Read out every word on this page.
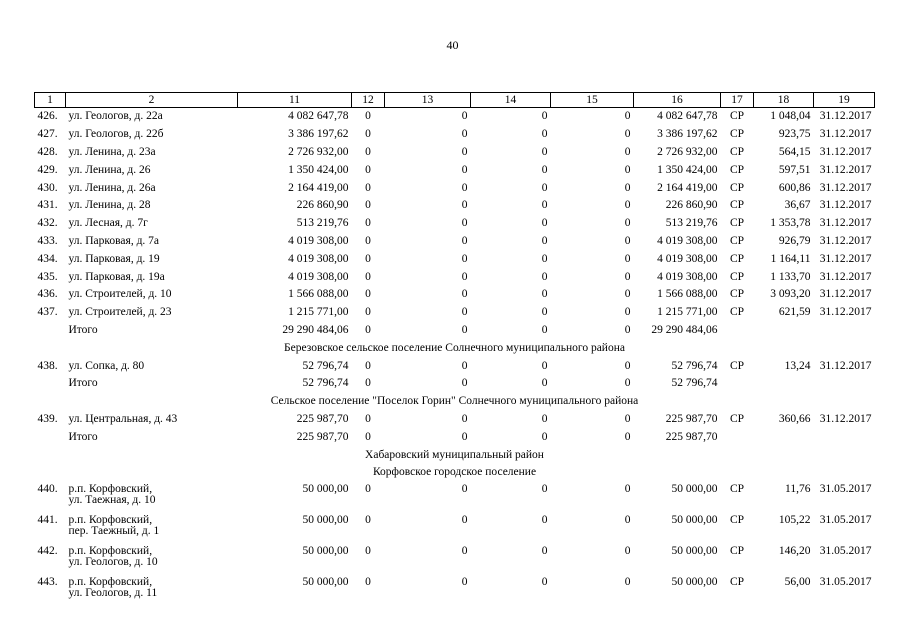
40
1	2	11	12	13	14	15	16	17	18	19
426.	ул. Геологов, д. 22а	4 082 647,78	0	0	0	0	4 082 647,78	СР	1 048,04	31.12.2017
427.	ул. Геологов, д. 22б	3 386 197,62	0	0	0	0	3 386 197,62	СР	923,75	31.12.2017
428.	ул. Ленина, д. 23а	2 726 932,00	0	0	0	0	2 726 932,00	СР	564,15	31.12.2017
429.	ул. Ленина, д. 26	1 350 424,00	0	0	0	0	1 350 424,00	СР	597,51	31.12.2017
430.	ул. Ленина, д. 26а	2 164 419,00	0	0	0	0	2 164 419,00	СР	600,86	31.12.2017
431.	ул. Ленина, д. 28	226 860,90	0	0	0	0	226 860,90	СР	36,67	31.12.2017
432.	ул. Лесная, д. 7г	513 219,76	0	0	0	0	513 219,76	СР	1 353,78	31.12.2017
433.	ул. Парковая, д. 7а	4 019 308,00	0	0	0	0	4 019 308,00	СР	926,79	31.12.2017
434.	ул. Парковая, д. 19	4 019 308,00	0	0	0	0	4 019 308,00	СР	1 164,11	31.12.2017
435.	ул. Парковая, д. 19а	4 019 308,00	0	0	0	0	4 019 308,00	СР	1 133,70	31.12.2017
436.	ул. Строителей, д. 10	1 566 088,00	0	0	0	0	1 566 088,00	СР	3 093,20	31.12.2017
437.	ул. Строителей, д. 23	1 215 771,00	0	0	0	0	1 215 771,00	СР	621,59	31.12.2017
	Итого	29 290 484,06	0	0	0	0	29 290 484,06			
Березовское сельское поселение Солнечного муниципального района										
438.	ул. Сопка, д. 80	52 796,74	0	0	0	0	52 796,74	СР	13,24	31.12.2017
	Итого	52 796,74	0	0	0	0	52 796,74			
Сельское поселение "Поселок Горин" Солнечного муниципального района										
439.	ул. Центральная, д. 43	225 987,70	0	0	0	0	225 987,70	СР	360,66	31.12.2017
	Итого	225 987,70	0	0	0	0	225 987,70			
Хабаровский муниципальный район										
Корфовское городское поселение										
440.	р.п. Корфовский,
ул. Таежная, д. 10	50 000,00	0	0	0	0	50 000,00	СР	11,76	31.05.2017
441.	р.п. Корфовский,
пер. Таежный, д. 1	50 000,00	0	0	0	0	50 000,00	СР	105,22	31.05.2017
442.	р.п. Корфовский,
ул. Геологов, д. 10	50 000,00	0	0	0	0	50 000,00	СР	146,20	31.05.2017
443.	р.п. Корфовский,
ул. Геологов, д. 11	50 000,00	0	0	0	0	50 000,00	СР	56,00	31.05.2017
